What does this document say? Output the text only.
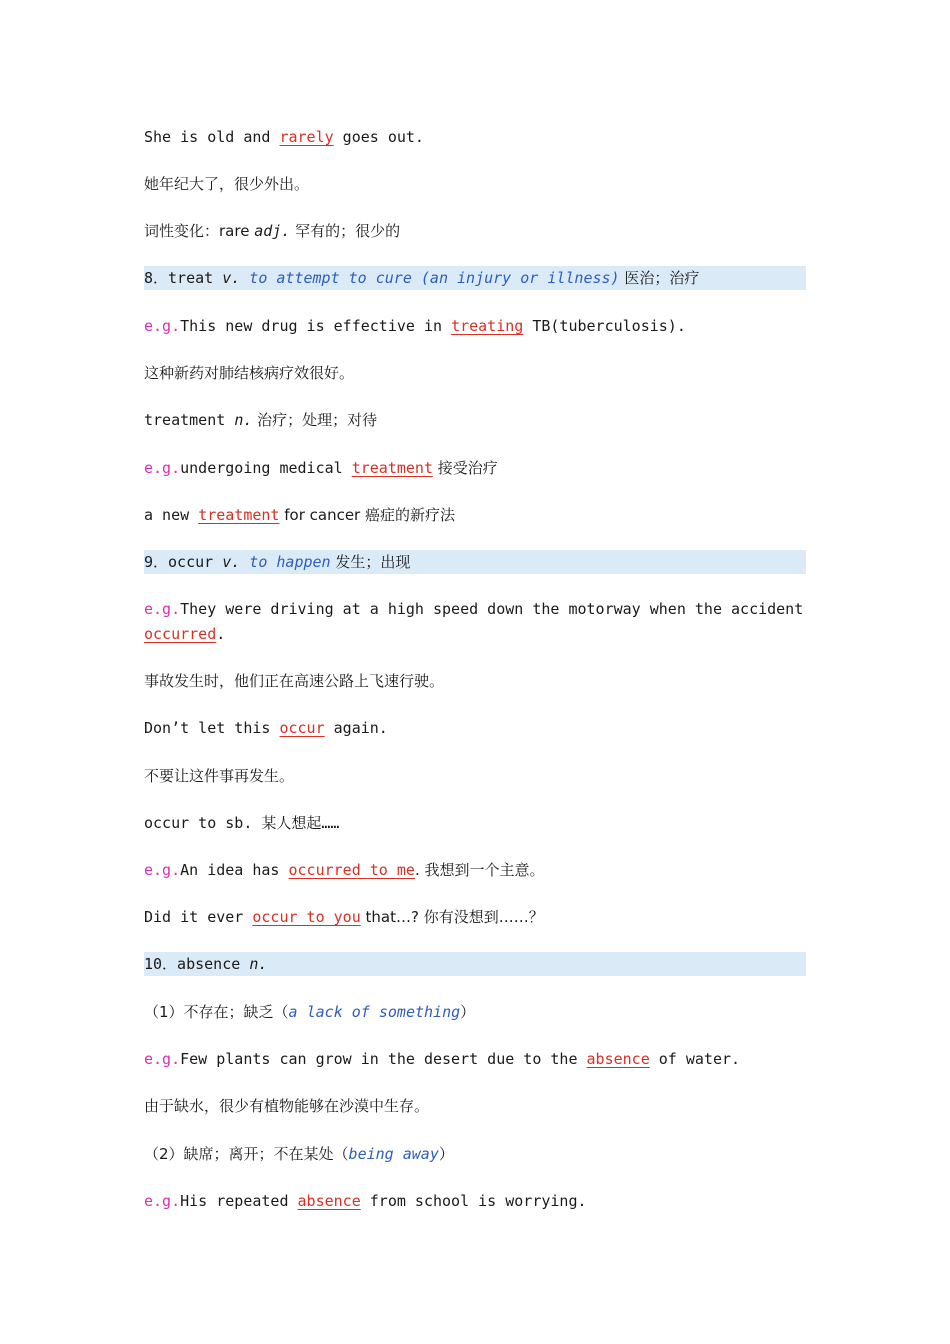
She is old and rarely goes out.
她年纪大了，很少外出。
词性变化：rare adj. 罕有的；很少的
8．treat v. to attempt to cure (an injury or illness) 医治；治疗
e.g.This new drug is effective in treating TB(tuberculosis).
这种新药对肺结核病疗效很好。
treatment n. 治疗；处理；对待
e.g.undergoing medical treatment 接受治疗
a new treatment for cancer 癌症的新疗法
9．occur v. to happen 发生；出现
e.g.They were driving at a high speed down the motorway when the accident
occurred.
事故发生时，他们正在高速公路上飞速行驶。
Don’t let this occur again.
不要让这件事再发生。
occur to sb. 某人想起……
e.g.An idea has occurred to me. 我想到一个主意。
Did it ever occur to you that…? 你有没想到……？
10．absence n.
（1）不存在；缺乏（a lack of something）
e.g.Few plants can grow in the desert due to the absence of water.
由于缺水，很少有植物能够在沙漠中生存。
（2）缺席；离开；不在某处（being away）
e.g.His repeated absence from school is worrying.
